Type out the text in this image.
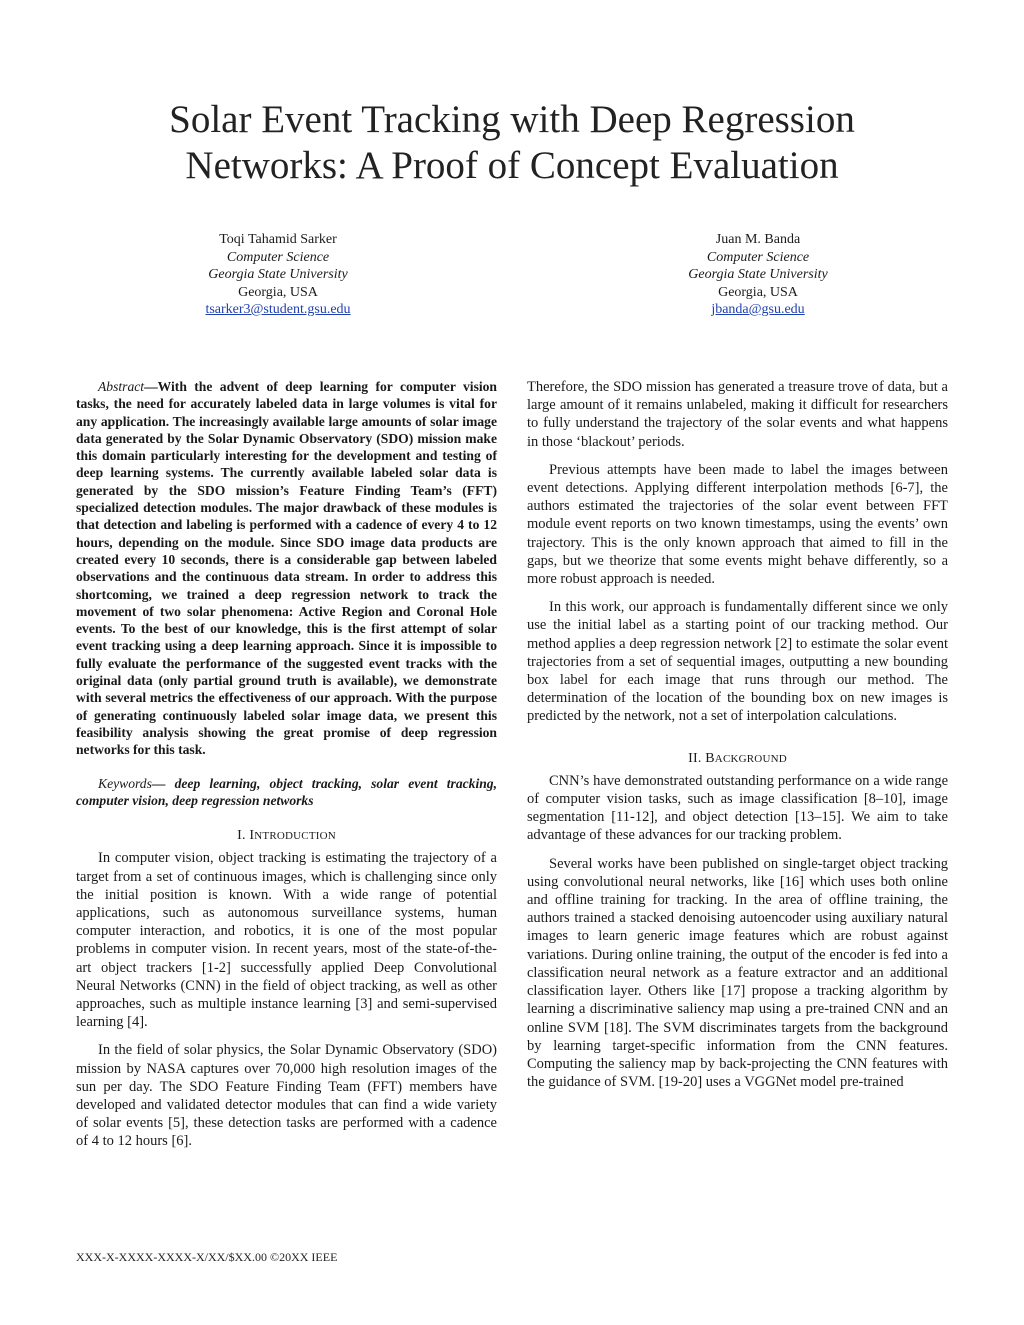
Solar Event Tracking with Deep Regression
Networks: A Proof of Concept Evaluation
Toqi Tahamid Sarker
Computer Science
Georgia State University
Georgia, USA
tsarker3@student.gsu.edu
Juan M. Banda
Computer Science
Georgia State University
Georgia, USA
jbanda@gsu.edu

Abstract—With the advent of deep learning for computer vision tasks, the need for accurately labeled data in large volumes is vital for any application. The increasingly available large amounts of solar image data generated by the Solar Dynamic Observatory (SDO) mission make this domain particularly interesting for the development and testing of deep learning systems. The currently available labeled solar data is generated by the SDO mission’s Feature Finding Team’s (FFT) specialized detection modules. The major drawback of these modules is that detection and labeling is performed with a cadence of every 4 to 12 hours, depending on the module. Since SDO image data products are created every 10 seconds, there is a considerable gap between labeled observations and the continuous data stream. In order to address this shortcoming, we trained a deep regression network to track the movement of two solar phenomena: Active Region and Coronal Hole events. To the best of our knowledge, this is the first attempt of solar event tracking using a deep learning approach. Since it is impossible to fully evaluate the performance of the suggested event tracks with the original data (only partial ground truth is available), we demonstrate with several metrics the effectiveness of our approach. With the purpose of generating continuously labeled solar image data, we present this feasibility analysis showing the great promise of deep regression networks for this task.

Keywords— deep learning, object tracking, solar event tracking, computer vision, deep regression networks

I. INTRODUCTION

In computer vision, object tracking is estimating the trajectory of a target from a set of continuous images, which is challenging since only the initial position is known. With a wide range of potential applications, such as autonomous surveillance systems, human computer interaction, and robotics, it is one of the most popular problems in computer vision. In recent years, most of the state-of-the-art object trackers [1-2] successfully applied Deep Convolutional Neural Networks (CNN) in the field of object tracking, as well as other approaches, such as multiple instance learning [3] and semi-supervised learning [4].

In the field of solar physics, the Solar Dynamic Observatory (SDO) mission by NASA captures over 70,000 high resolution images of the sun per day. The SDO Feature Finding Team (FFT) members have developed and validated detector modules that can find a wide variety of solar events [5], these detection tasks are performed with a cadence of 4 to 12 hours [6].

Therefore, the SDO mission has generated a treasure trove of data, but a large amount of it remains unlabeled, making it difficult for researchers to fully understand the trajectory of the solar events and what happens in those ‘blackout’ periods.

Previous attempts have been made to label the images between event detections. Applying different interpolation methods [6-7], the authors estimated the trajectories of the solar event between FFT module event reports on two known timestamps, using the events’ own trajectory. This is the only known approach that aimed to fill in the gaps, but we theorize that some events might behave differently, so a more robust approach is needed.

In this work, our approach is fundamentally different since we only use the initial label as a starting point of our tracking method. Our method applies a deep regression network [2] to estimate the solar event trajectories from a set of sequential images, outputting a new bounding box label for each image that runs through our method. The determination of the location of the bounding box on new images is predicted by the network, not a set of interpolation calculations.

II. BACKGROUND

CNN’s have demonstrated outstanding performance on a wide range of computer vision tasks, such as image classification [8–10], image segmentation [11-12], and object detection [13–15]. We aim to take advantage of these advances for our tracking problem.

Several works have been published on single-target object tracking using convolutional neural networks, like [16] which uses both online and offline training for tracking. In the area of offline training, the authors trained a stacked denoising autoencoder using auxiliary natural images to learn generic image features which are robust against variations. During online training, the output of the encoder is fed into a classification neural network as a feature extractor and an additional classification layer. Others like [17] propose a tracking algorithm by learning a discriminative saliency map using a pre-trained CNN and an online SVM [18]. The SVM discriminates targets from the background by learning target-specific information from the CNN features. Computing the saliency map by back-projecting the CNN features with the guidance of SVM. [19-20] uses a VGGNet model pre-trained

XXX-X-XXXX-XXXX-X/XX/$XX.00 ©20XX IEEE
